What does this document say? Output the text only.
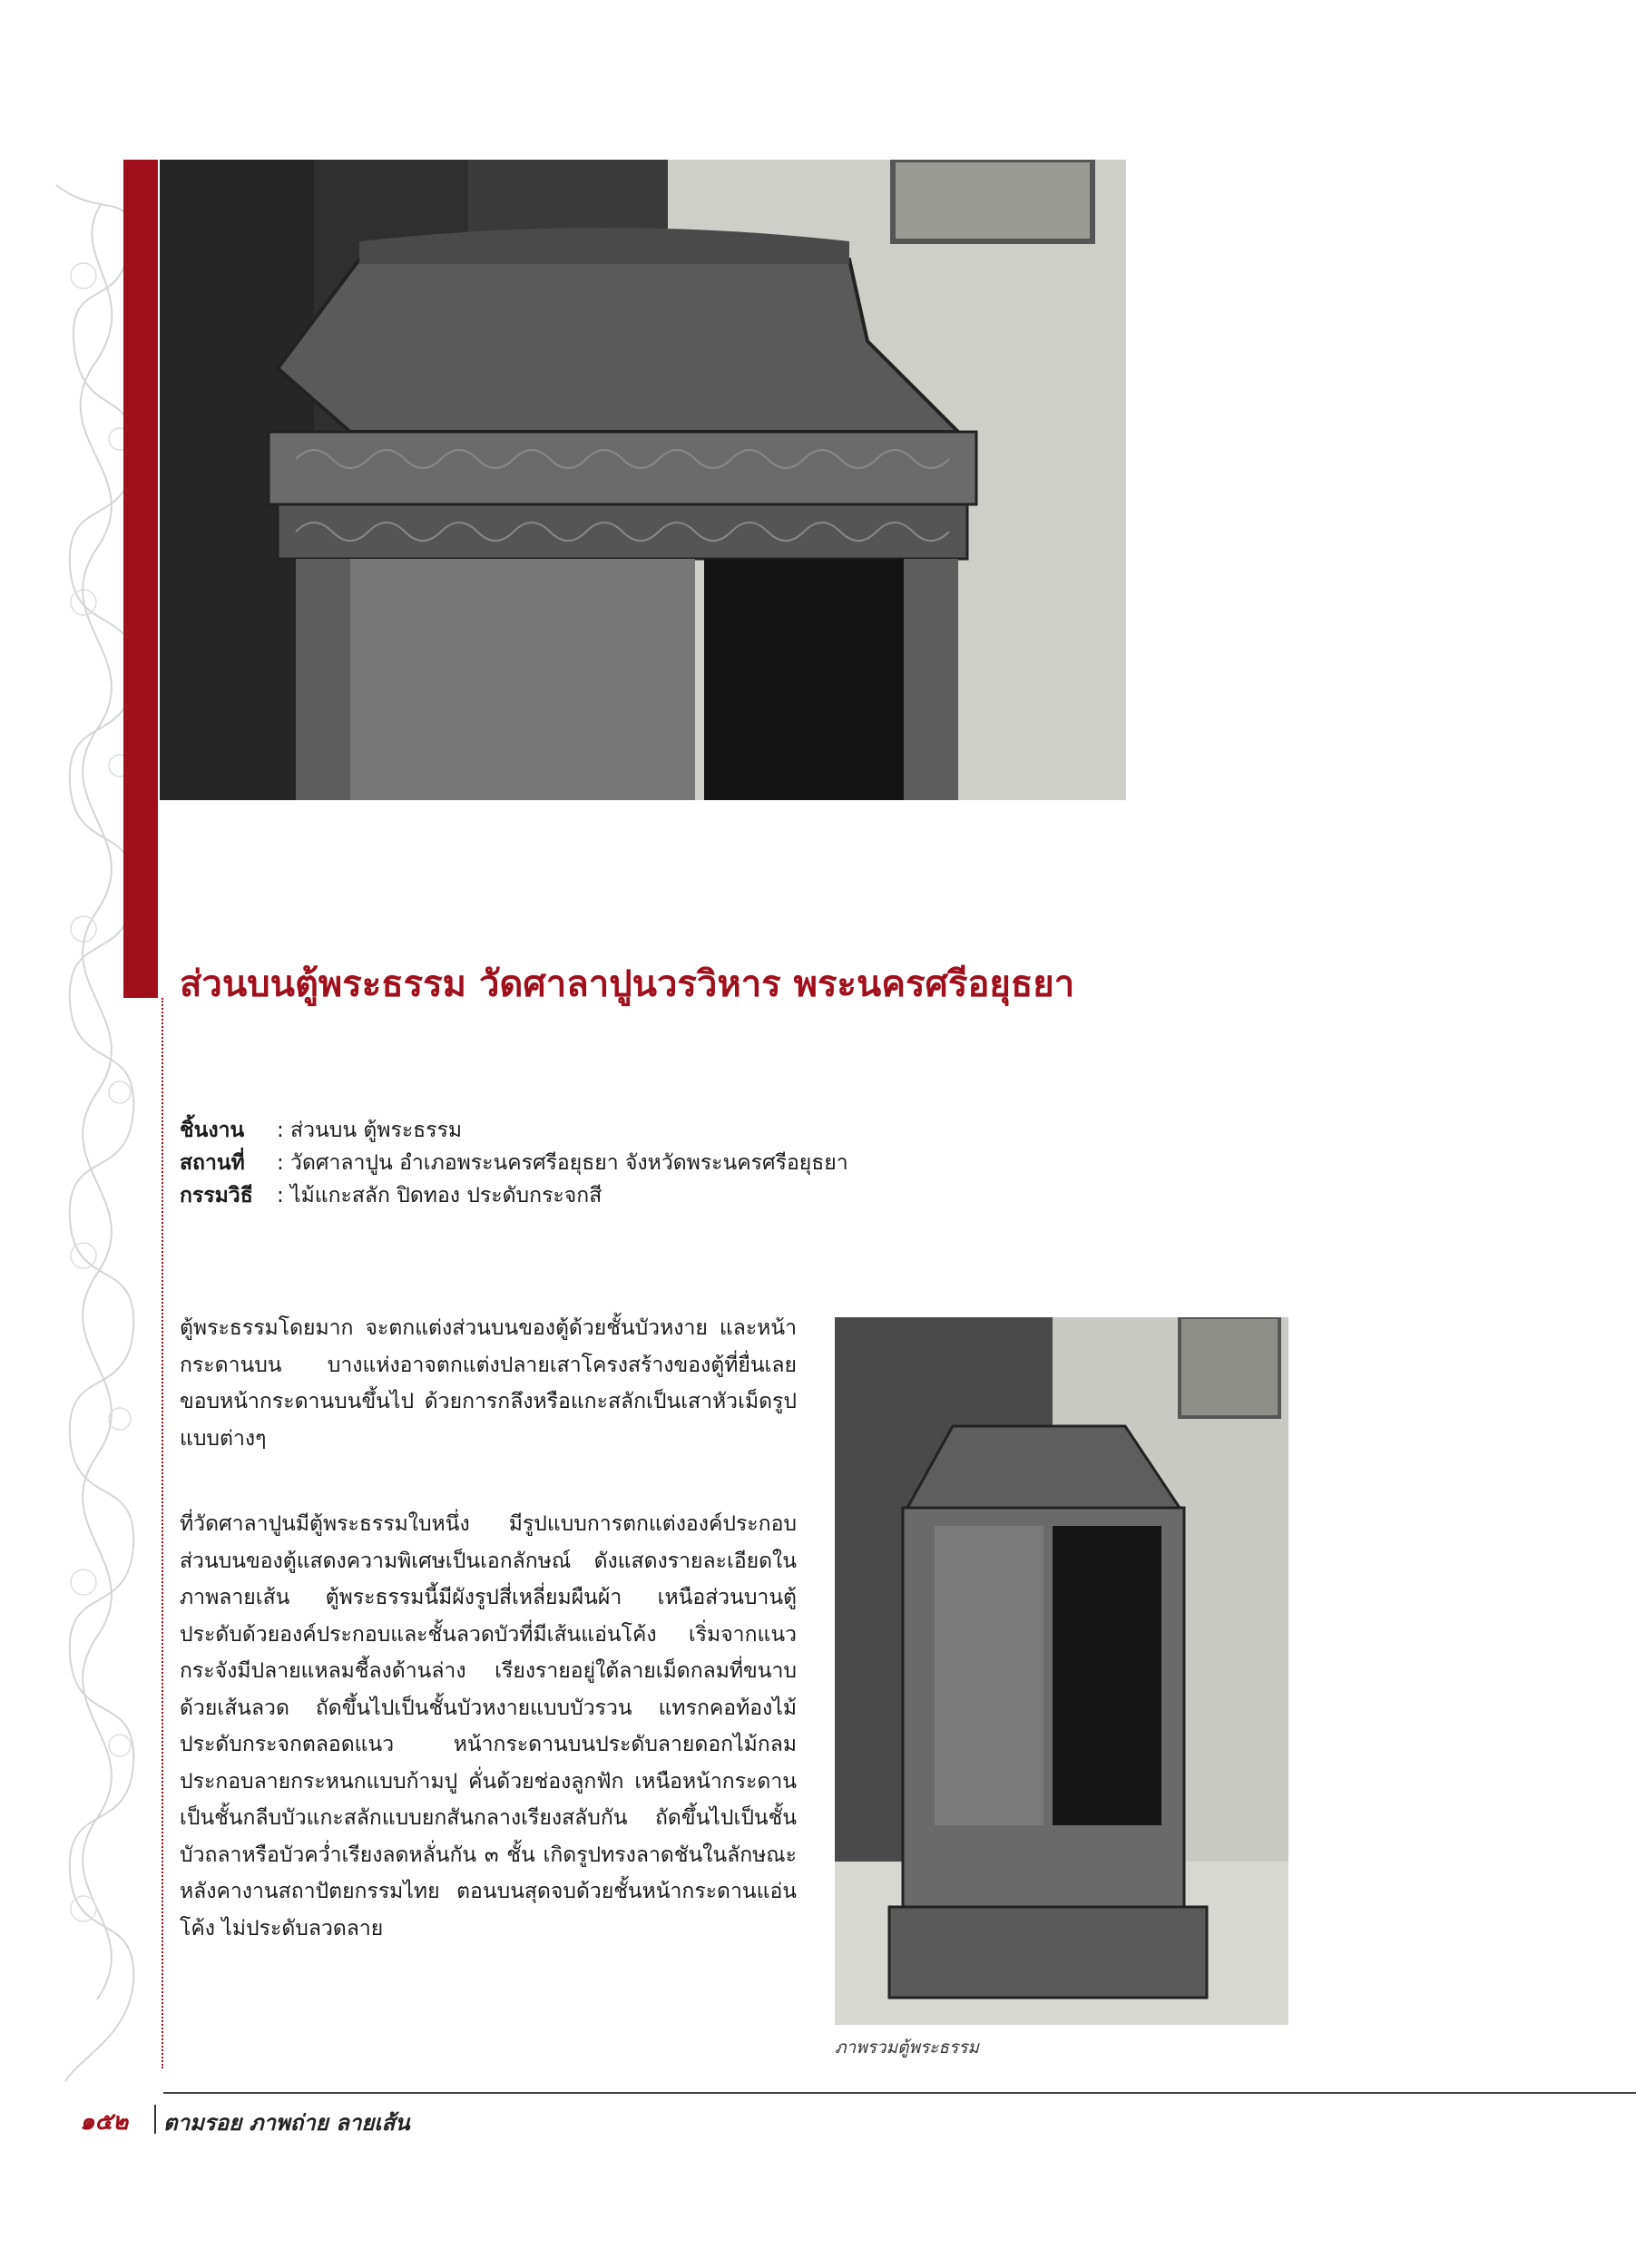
ภาพรวมตู้พระธรรม
ส่วนบนตู้พระธรรม วัดศาลาปูนวรวิหาร พระนครศรีอยุธยา
ชิ้นงาน : ส่วนบน ตู้พระธรรม
สถานที่ : วัดศาลาปูน อำเภอพระนครศรีอยุธยา จังหวัดพระนครศรีอยุธยา
กรรมวิธี : ไม้แกะสลัก ปิดทอง ประดับกระจกสี
ตู้พระธรรมโดยมาก จะตกแต่งส่วนบนของตู้ด้วยชั้นบัวหงาย และหน้ากระดานบน บางแห่งอาจตกแต่งปลายเสาโครงสร้างของตู้ที่ยื่นเลยขอบหน้ากระดานบนขึ้นไป ด้วยการกลึงหรือแกะสลักเป็นเสาหัวเม็ดรูปแบบต่างๆ
ที่วัดศาลาปูนมีตู้พระธรรมใบหนึ่ง มีรูปแบบการตกแต่งองค์ประกอบส่วนบนของตู้แสดงความพิเศษเป็นเอกลักษณ์ ดังแสดงรายละเอียดในภาพลายเส้น ตู้พระธรรมนี้มีผังรูปสี่เหลี่ยมผืนผ้า เหนือส่วนบานตู้ ประดับด้วยองค์ประกอบและชั้นลวดบัวที่มีเส้นแอ่นโค้ง เริ่มจากแนวกระจังมีปลายแหลมชี้ลงด้านล่าง เรียงรายอยู่ใต้ลายเม็ดกลมที่ขนาบด้วยเส้นลวด ถัดขึ้นไปเป็นชั้นบัวหงายแบบบัวรวน แทรกคอท้องไม้ประดับกระจกตลอดแนว หน้ากระดานบนประดับลายดอกไม้กลม ประกอบลายกระหนกแบบก้ามปู คั่นด้วยช่องลูกฟัก เหนือหน้ากระดานเป็นชั้นกลีบบัวแกะสลักแบบยกสันกลางเรียงสลับกัน ถัดขึ้นไปเป็นชั้นบัวถลาหรือบัวคว่ำเรียงลดหลั่นกัน ๓ ชั้น เกิดรูปทรงลาดชันในลักษณะหลังคางานสถาปัตยกรรมไทย ตอนบนสุดจบด้วยชั้นหน้ากระดานแอ่นโค้ง ไม่ประดับลวดลาย
๑๕๒ ตามรอย ภาพถ่าย ลายเส้น
